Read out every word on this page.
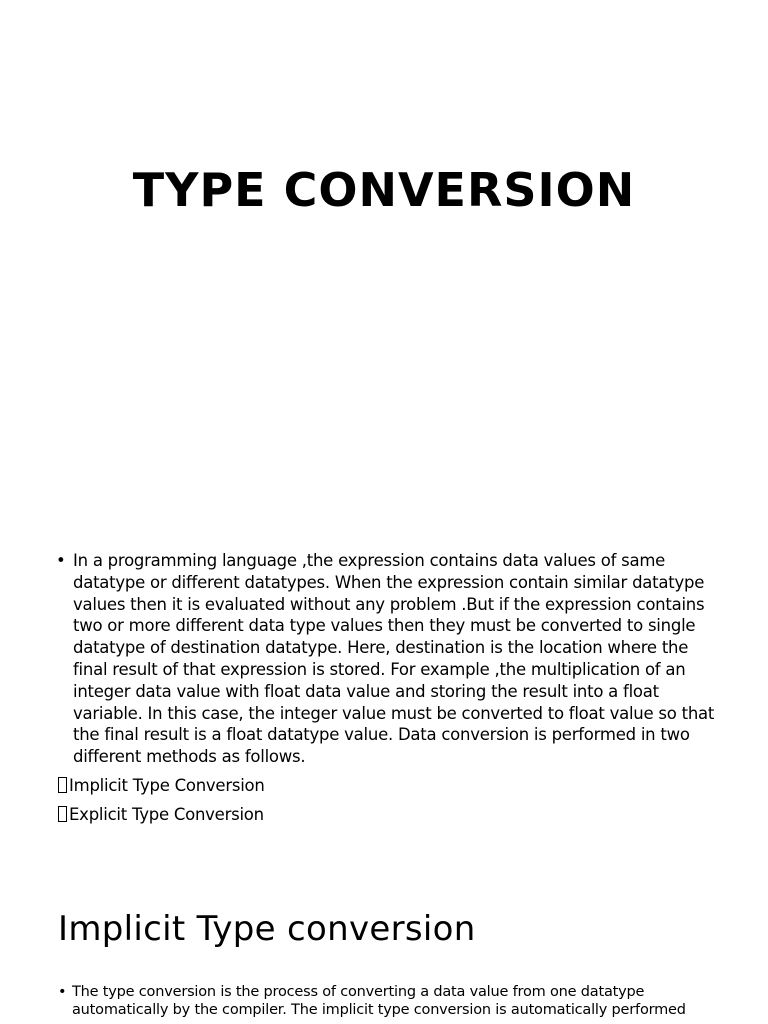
TYPE CONVERSION
• In a programming language ,the expression contains data values of same datatype or different datatypes. When the expression contain similar datatype values then it is evaluated without any problem .But if the expression contains two or more different data type values then they must be converted to single datatype of destination datatype. Here, destination is the location where the final result of that expression is stored. For example ,the multiplication of an integer data value with float data value and storing the result into a float variable. In this case, the integer value must be converted to float value so that the final result is a float datatype value. Data conversion is performed in two different methods as follows.

Implicit Type Conversion

Explicit Type Conversion

Implicit Type conversion
• The type conversion is the process of converting a data value from one datatype automatically by the compiler. The implicit type conversion is automatically performed
